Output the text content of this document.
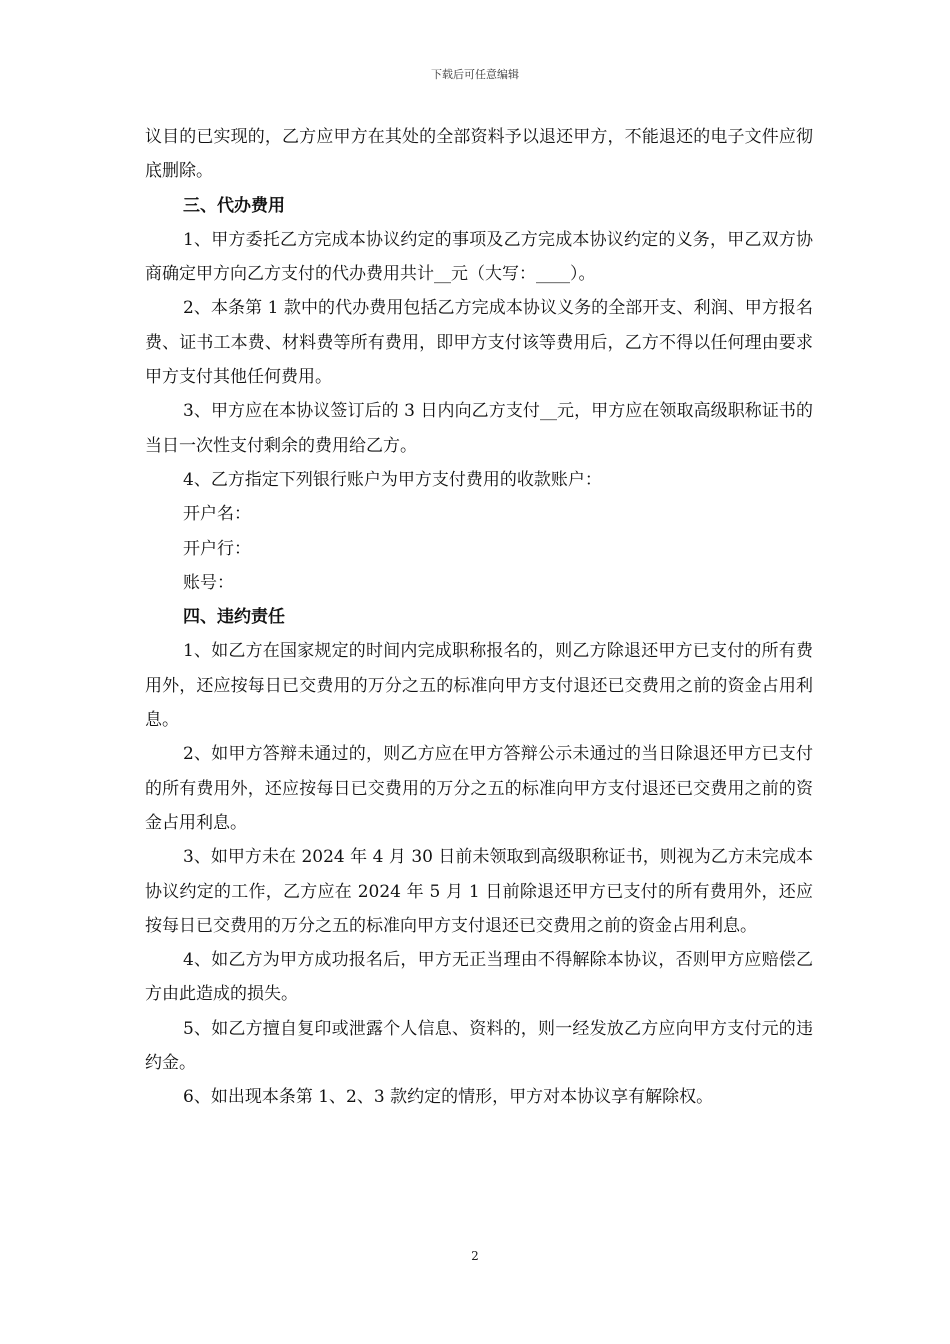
下载后可任意编辑

议目的已实现的，乙方应甲方在其处的全部资料予以退还甲方，不能退还的电子文件应彻底删除。

三、代办费用

1、甲方委托乙方完成本协议约定的事项及乙方完成本协议约定的义务，甲乙双方协商确定甲方向乙方支付的代办费用共计__元（大写：____）。

2、本条第 1 款中的代办费用包括乙方完成本协议义务的全部开支、利润、甲方报名费、证书工本费、材料费等所有费用，即甲方支付该等费用后，乙方不得以任何理由要求甲方支付其他任何费用。

3、甲方应在本协议签订后的 3 日内向乙方支付__元，甲方应在领取高级职称证书的当日一次性支付剩余的费用给乙方。

4、乙方指定下列银行账户为甲方支付费用的收款账户：

开户名：

开户行：

账号：

四、违约责任

1、如乙方在国家规定的时间内完成职称报名的，则乙方除退还甲方已支付的所有费用外，还应按每日已交费用的万分之五的标准向甲方支付退还已交费用之前的资金占用利息。

2、如甲方答辩未通过的，则乙方应在甲方答辩公示未通过的当日除退还甲方已支付的所有费用外，还应按每日已交费用的万分之五的标准向甲方支付退还已交费用之前的资金占用利息。

3、如甲方未在 2024 年 4 月 30 日前未领取到高级职称证书，则视为乙方未完成本协议约定的工作，乙方应在 2024 年 5 月 1 日前除退还甲方已支付的所有费用外，还应按每日已交费用的万分之五的标准向甲方支付退还已交费用之前的资金占用利息。

4、如乙方为甲方成功报名后，甲方无正当理由不得解除本协议，否则甲方应赔偿乙方由此造成的损失。

5、如乙方擅自复印或泄露个人信息、资料的，则一经发放乙方应向甲方支付元的违约金。

6、如出现本条第 1、2、3 款约定的情形，甲方对本协议享有解除权。

2
